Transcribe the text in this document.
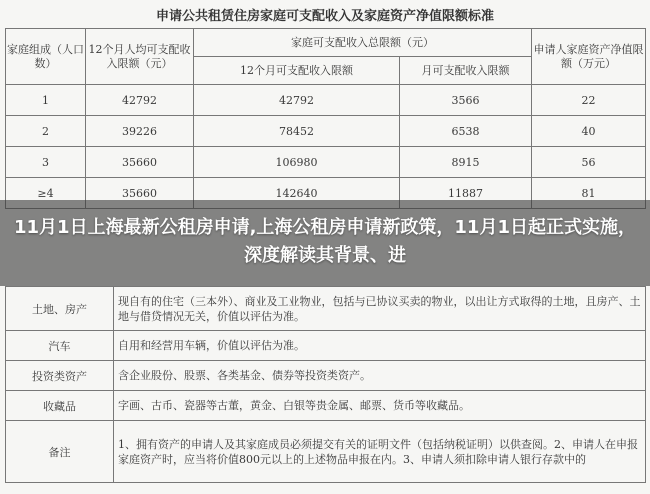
申请公共租赁住房家庭可支配收入及家庭资产净值限额标准
家庭组成（人口数）	12个月人均可支配收入限额（元）	家庭可支配收入总限额（元）		申请人家庭资产净值限额（万元）
		12个月可支配收入限额	月可支配收入限额	
1	42792	42792	3566	22
2	39226	78452	6538	40
3	35660	106980	8915	56
≥4	35660	142640	11887	81
土地、房产	现自有的住宅（三本外）、商业及工业物业，包括与已协议买卖的物业，以出让方式取得的土地，且房产、土地与借贷情况无关，价值以评估为准。
汽车	自用和经营用车辆，价值以评估为准。
投资类资产	含企业股份、股票、各类基金、债券等投资类资产。
收藏品	字画、古币、瓷器等古董，黄金、白银等贵金属、邮票、货币等收藏品。
备注	1、拥有资产的申请人及其家庭成员必须提交有关的证明文件（包括纳税证明）以供查阅。2、申请人在申报家庭资产时，应当将价值800元以上的上述物品申报在内。3、申请人须扣除申请人银行存款中的
11月1日上海最新公租房申请,上海公租房申请新政策，11月1日起正式实施，深度解读其背景、进
